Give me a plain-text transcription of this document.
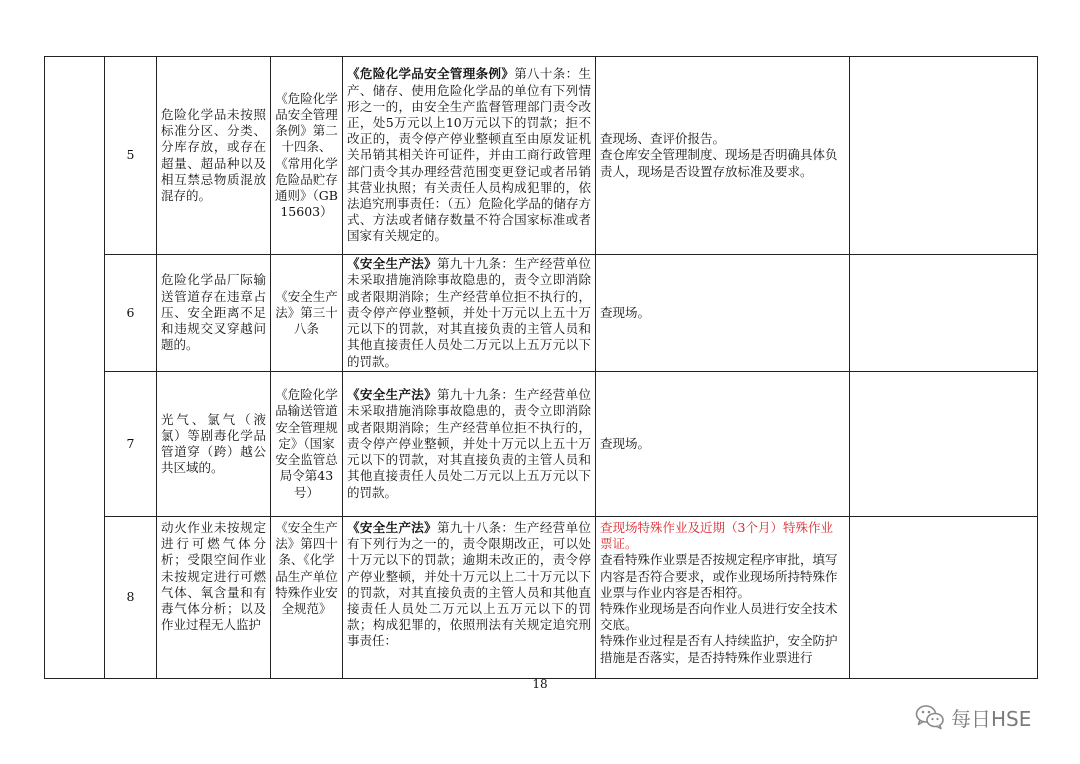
	5	危险化学品未按照标准分区、分类、分库存放，或存在超量、超品种以及相互禁忌物质混放混存的。	《危险化学品安全管理条例》第二十四条、《常用化学危险品贮存通则》（GB 15603）	《危险化学品安全管理条例》第八十条：生产、储存、使用危险化学品的单位有下列情形之一的，由安全生产监督管理部门责令改正，处5万元以上10万元以下的罚款；拒不改正的，责令停产停业整顿直至由原发证机关吊销其相关许可证件，并由工商行政管理部门责令其办理经营范围变更登记或者吊销其营业执照；有关责任人员构成犯罪的，依法追究刑事责任：（五）危险化学品的储存方式、方法或者储存数量不符合国家标准或者国家有关规定的。	查现场、查评价报告。
查仓库安全管理制度、现场是否明确具体负责人，现场是否设置存放标准及要求。	

	6	危险化学品厂际输送管道存在违章占压、安全距离不足和违规交叉穿越问题的。	《安全生产法》第三十八条	《安全生产法》第九十九条：生产经营单位未采取措施消除事故隐患的，责令立即消除或者限期消除；生产经营单位拒不执行的，责令停产停业整顿，并处十万元以上五十万元以下的罚款，对其直接负责的主管人员和其他直接责任人员处二万元以上五万元以下的罚款。	查现场。	

	7	光气、氯气（液氯）等剧毒化学品管道穿（跨）越公共区域的。	《危险化学品输送管道安全管理规定》（国家安全监管总局令第43号）	《安全生产法》第九十九条：生产经营单位未采取措施消除事故隐患的，责令立即消除或者限期消除；生产经营单位拒不执行的，责令停产停业整顿，并处十万元以上五十万元以下的罚款，对其直接负责的主管人员和其他直接责任人员处二万元以上五万元以下的罚款。	查现场。	

	8	动火作业未按规定进行可燃气体分析；受限空间作业未按规定进行可燃气体、氧含量和有毒气体分析；以及作业过程无人监护	《安全生产法》第四十条、《化学品生产单位特殊作业安全规范》	《安全生产法》第九十八条：生产经营单位有下列行为之一的，责令限期改正，可以处十万元以下的罚款；逾期未改正的，责令停产停业整顿，并处十万元以上二十万元以下的罚款，对其直接负责的主管人员和其他直接责任人员处二万元以上五万元以下的罚款；构成犯罪的，依照刑法有关规定追究刑事责任：	查现场特殊作业及近期（3个月）特殊作业票证。
查看特殊作业票是否按规定程序审批，填写内容是否符合要求，或作业现场所持特殊作业票与作业内容是否相符。
特殊作业现场是否向作业人员进行安全技术交底。
特殊作业过程是否有人持续监护，安全防护措施是否落实，是否持特殊作业票进行	

18
每日HSE
